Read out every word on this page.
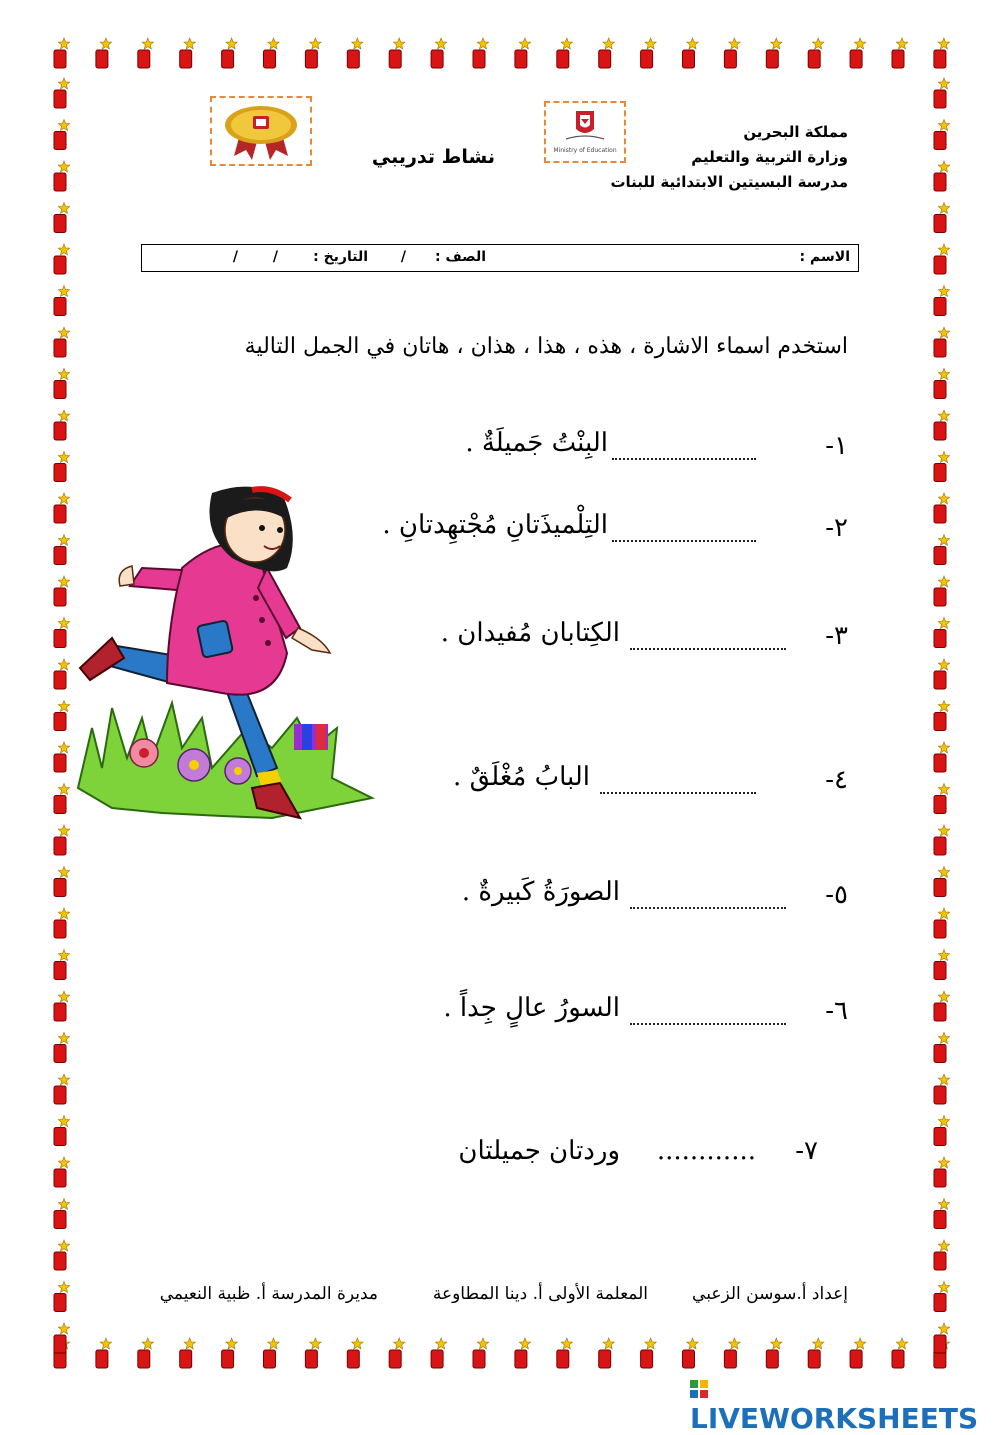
مملكة البحرين
وزارة التربية والتعليم
مدرسة البسيتين الابتدائية للبنات
Ministry of Education
نشاط تدريبي
الاسم :
الصف :
/
التاريخ :
/
/
استخدم اسماء الاشارة ، هذه ، هذا ، هذان ، هاتان في الجمل التالية
١-
البِنْتُ جَميلَةٌ .
٢-
التِلْميذَتانِ مُجْتهِدتانِ .
٣-
الكِتابان مُفيدان .
٤-
البابُ مُغْلَقٌ .
٥-
الصورَةُ كَبيرةٌ .
٦-
السورُ عالٍ جِداً .
٧-
............
وردتان جميلتان
إعداد أ.سوسن الزعبي
المعلمة الأولى أ. دينا المطاوعة
مديرة المدرسة أ. ظبية النعيمي
LIVEWORKSHEETS
